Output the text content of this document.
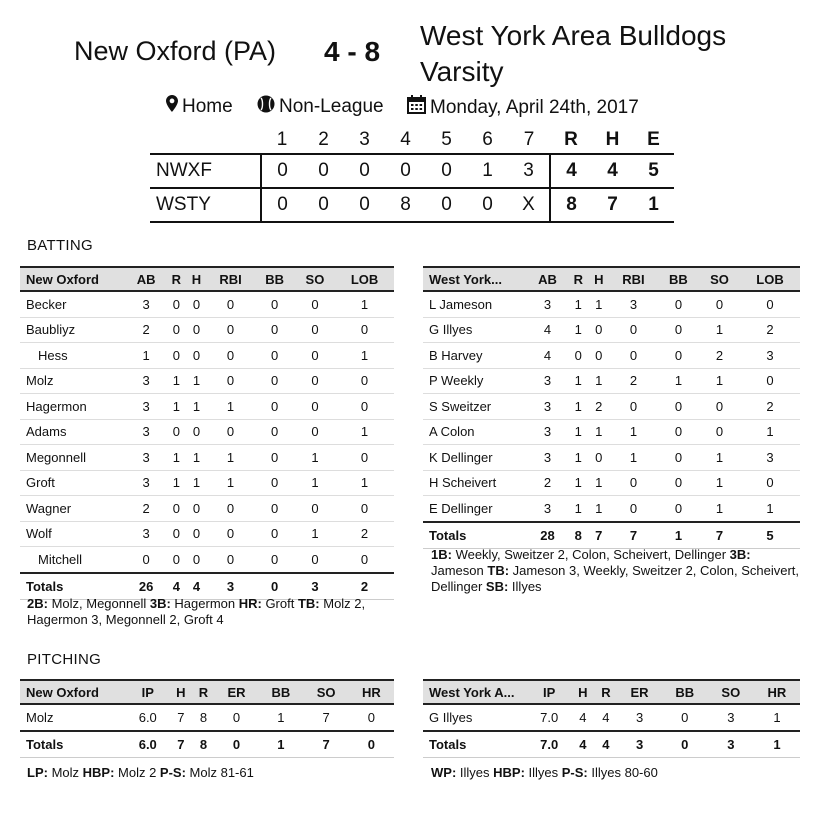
New Oxford (PA) 4 - 8
West York Area Bulldogs Varsity
Home Non-League Monday, April 24th, 2017
	1	2	3	4	5	6	7	R	H	E
NWXF	0	0	0	0	0	1	3	4	4	5
WSTY	0	0	0	8	0	0	X	8	7	1
BATTING
New Oxford	AB	R	H	RBI	BB	SO	LOB
Becker	3	0	0	0	0	0	1
Baubliyz	2	0	0	0	0	0	0
Hess	1	0	0	0	0	0	1
Molz	3	1	1	0	0	0	0
Hagermon	3	1	1	1	0	0	0
Adams	3	0	0	0	0	0	1
Megonnell	3	1	1	1	0	1	0
Groft	3	1	1	1	0	1	1
Wagner	2	0	0	0	0	0	0
Wolf	3	0	0	0	0	1	2
Mitchell	0	0	0	0	0	0	0
Totals	26	4	4	3	0	3	2
West York...	AB	R	H	RBI	BB	SO	LOB
L Jameson	3	1	1	3	0	0	0
G Illyes	4	1	0	0	0	1	2
B Harvey	4	0	0	0	0	2	3
P Weekly	3	1	1	2	1	1	0
S Sweitzer	3	1	2	0	0	0	2
A Colon	3	1	1	1	0	0	1
K Dellinger	3	1	0	1	0	1	3
H Scheivert	2	1	1	0	0	1	0
E Dellinger	3	1	1	0	0	1	1
Totals	28	8	7	7	1	7	5
2B: Molz, Megonnell 3B: Hagermon HR: Groft TB: Molz 2, Hagermon 3, Megonnell 2, Groft 4
1B: Weekly, Sweitzer 2, Colon, Scheivert, Dellinger 3B: Jameson TB: Jameson 3, Weekly, Sweitzer 2, Colon, Scheivert, Dellinger SB: Illyes
PITCHING
New Oxford	IP	H	R	ER	BB	SO	HR
Molz	6.0	7	8	0	1	7	0
Totals	6.0	7	8	0	1	7	0
West York A...	IP	H	R	ER	BB	SO	HR
G Illyes	7.0	4	4	3	0	3	1
Totals	7.0	4	4	3	0	3	1
LP: Molz HBP: Molz 2 P-S: Molz 81-61	WP: Illyes HBP: Illyes P-S: Illyes 80-60
